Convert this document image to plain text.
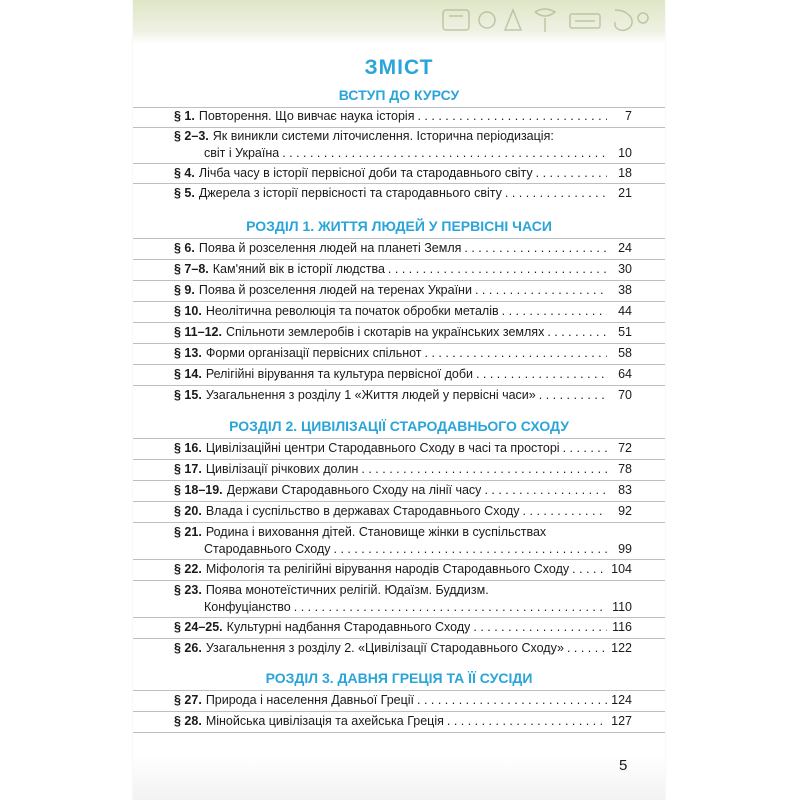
ЗМІСТ
ВСТУП ДО КУРСУ
§ 1. Повторення. Що вивчає наука історія . . .	7
§ 2–3. Як виникли системи літочислення. Історична періодизація:
світ і Україна . . .	10
§ 4. Лічба часу в історії первісної доби та стародавнього світу . . .	18
§ 5. Джерела з історії первісності та стародавнього світу . . .	21
РОЗДІЛ 1. ЖИТТЯ ЛЮДЕЙ У ПЕРВІСНІ ЧАСИ
§ 6. Поява й розселення людей на планеті Земля . . .	24
§ 7–8. Кам'яний вік в історії людства . . .	30
§ 9. Поява й розселення людей на теренах України . . .	38
§ 10. Неолітична революція та початок обробки металів . . .	44
§ 11–12. Спільноти землеробів і скотарів на українських землях . . .	51
§ 13. Форми організації первісних спільнот . . .	58
§ 14. Релігійні вірування та культура первісної доби . . .	64
§ 15. Узагальнення з розділу 1 «Життя людей у первісні часи» . . .	70
РОЗДІЛ 2. ЦИВІЛІЗАЦІЇ СТАРОДАВНЬОГО СХОДУ
§ 16. Цивілізаційні центри Стародавнього Сходу в часі та просторі . . .	72
§ 17. Цивілізації річкових долин . . .	78
§ 18–19. Держави Стародавнього Сходу на лінії часу . . .	83
§ 20. Влада і суспільство в державах Стародавнього Сходу . . .	92
§ 21. Родина і виховання дітей. Становище жінки в суспільствах
Стародавнього Сходу . . .	99
§ 22. Міфологія та релігійні вірування народів Стародавнього Сходу . . .	104
§ 23. Поява монотеїстичних релігій. Юдаїзм. Буддизм.
Конфуціанство . . .	110
§ 24–25. Культурні надбання Стародавнього Сходу . . .	116
§ 26. Узагальнення з розділу 2. «Цивілізації Стародавнього Сходу» . . .	122
РОЗДІЛ 3. ДАВНЯ ГРЕЦІЯ ТА ЇЇ СУСІДИ
§ 27. Природа і населення Давньої Греції . . .	124
§ 28. Мінойська цивілізація та ахейська Греція . . .	127
5
